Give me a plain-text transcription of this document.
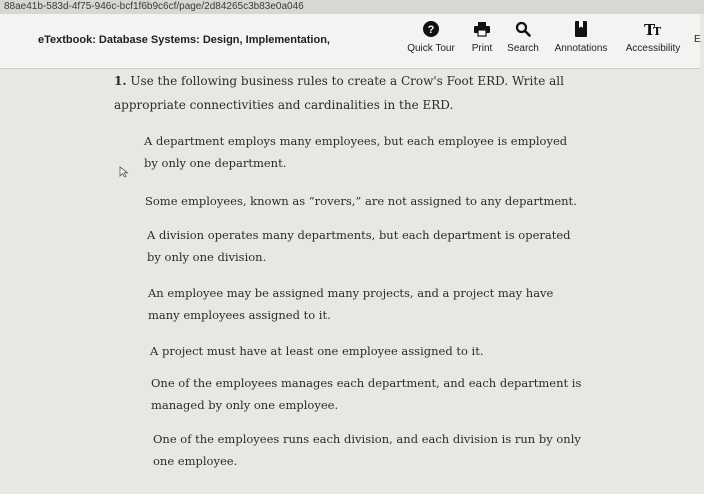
88ae41b-583d-4f75-946c-bcf1f6b9c6cf/page/2d84265c3b83e0a046
eTextbook: Database Systems: Design, Implementation,
?
Quick Tour Print Search Annotations
T
T
Accessibility
E
1. Use the following business rules to create a Crow's Foot ERD. Write all appropriate connectivities and cardinalities in the ERD.
A department employs many employees, but each employee is employed by only one department.
Some employees, known as “rovers,” are not assigned to any department.
A division operates many departments, but each department is operated by only one division.
An employee may be assigned many projects, and a project may have many employees assigned to it.
A project must have at least one employee assigned to it.
One of the employees manages each department, and each department is managed by only one employee.
One of the employees runs each division, and each division is run by only one employee.
